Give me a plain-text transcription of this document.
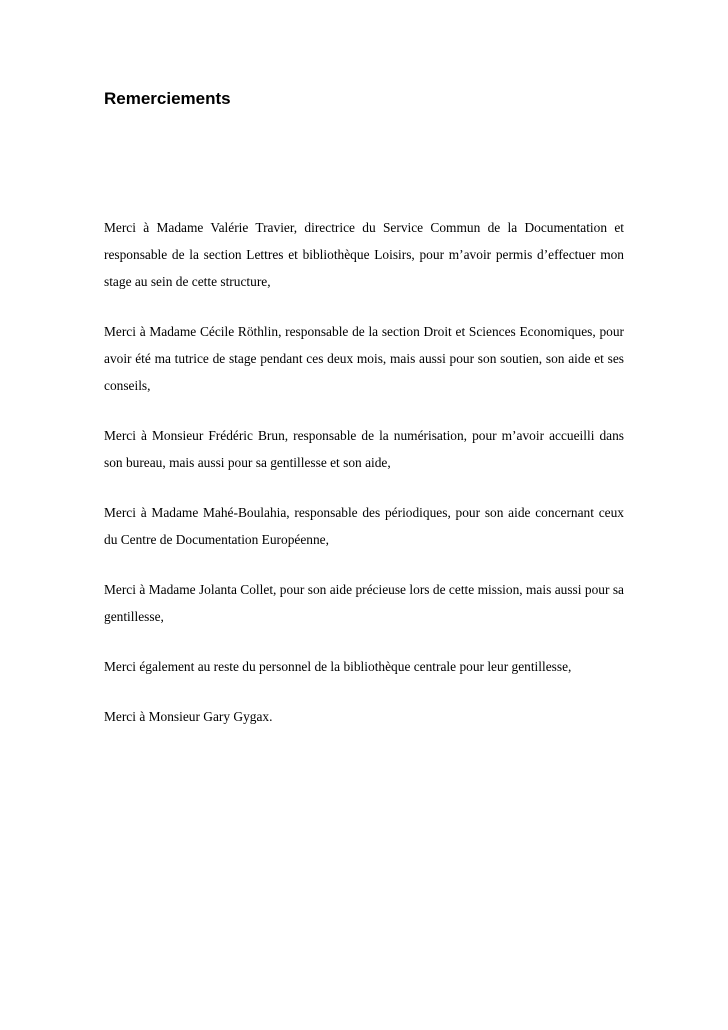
Remerciements

Merci à Madame Valérie Travier, directrice du Service Commun de la Documentation et responsable de la section Lettres et bibliothèque Loisirs, pour m’avoir permis d’effectuer mon stage au sein de cette structure,

Merci à Madame Cécile Röthlin, responsable de la section Droit et Sciences Economiques, pour avoir été ma tutrice de stage pendant ces deux mois, mais aussi pour son soutien, son aide et ses conseils,

Merci à Monsieur Frédéric Brun, responsable de la numérisation, pour m’avoir accueilli dans son bureau, mais aussi pour sa gentillesse et son aide,

Merci à Madame Mahé-Boulahia, responsable des périodiques, pour son aide concernant ceux du Centre de Documentation Européenne,

Merci à Madame Jolanta Collet, pour son aide précieuse lors de cette mission, mais aussi pour sa gentillesse,

Merci également au reste du personnel de la bibliothèque centrale pour leur gentillesse,

Merci à Monsieur Gary Gygax.
